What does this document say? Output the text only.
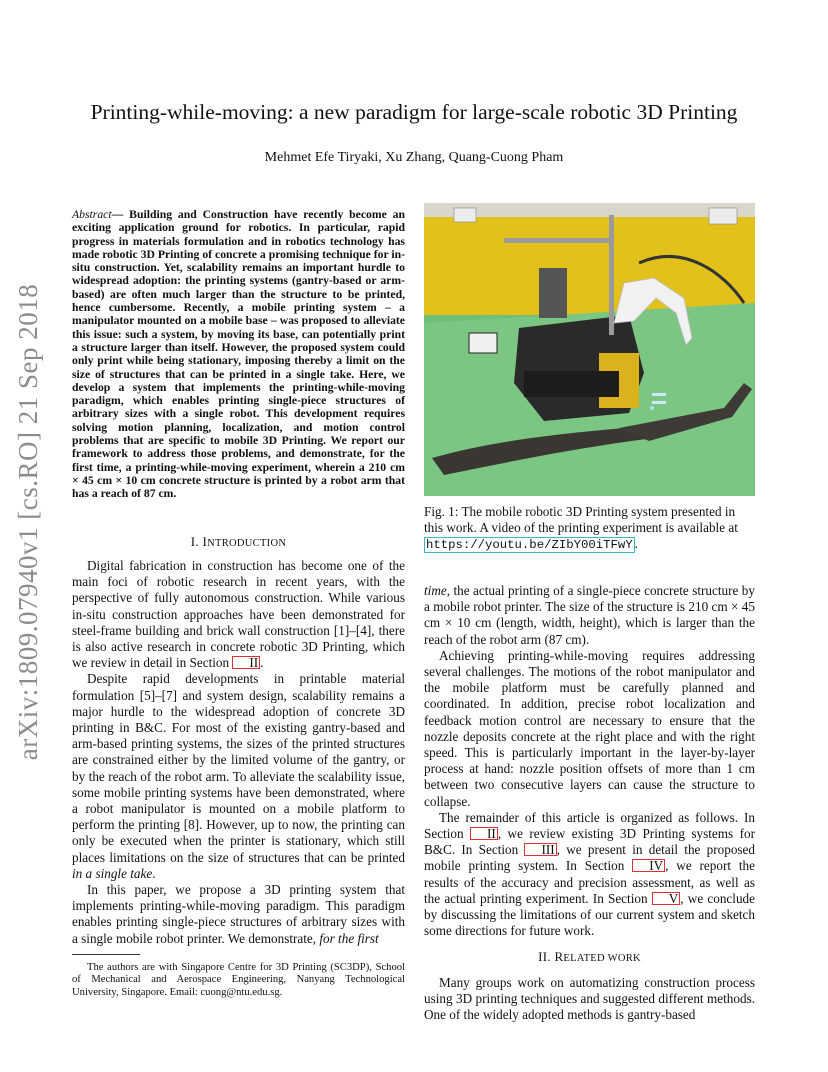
arXiv:1809.07940v1 [cs.RO] 21 Sep 2018
Printing-while-moving: a new paradigm for large-scale robotic 3D Printing
Mehmet Efe Tiryaki, Xu Zhang, Quang-Cuong Pham
Abstract— Building and Construction have recently become an exciting application ground for robotics. In particular, rapid progress in materials formulation and in robotics technology has made robotic 3D Printing of concrete a promising technique for in-situ construction. Yet, scalability remains an important hurdle to widespread adoption: the printing systems (gantry-based or arm-based) are often much larger than the structure to be printed, hence cumbersome. Recently, a mobile printing system – a manipulator mounted on a mobile base – was proposed to alleviate this issue: such a system, by moving its base, can potentially print a structure larger than itself. However, the proposed system could only print while being stationary, imposing thereby a limit on the size of structures that can be printed in a single take. Here, we develop a system that implements the printing-while-moving paradigm, which enables printing single-piece structures of arbitrary sizes with a single robot. This development requires solving motion planning, localization, and motion control problems that are specific to mobile 3D Printing. We report our framework to address those problems, and demonstrate, for the first time, a printing-while-moving experiment, wherein a 210 cm × 45 cm × 10 cm concrete structure is printed by a robot arm that has a reach of 87 cm.
I. INTRODUCTION

Digital fabrication in construction has become one of the main foci of robotic research in recent years, with the perspective of fully autonomous construction. While various in-situ construction approaches have been demonstrated for steel-frame building and brick wall construction [1]–[4], there is also active research in concrete robotic 3D Printing, which we review in detail in Section II .

Despite rapid developments in printable material formulation [5]–[7] and system design, scalability remains a major hurdle to the widespread adoption of concrete 3D printing in B&C. For most of the existing gantry-based and arm-based printing systems, the sizes of the printed structures are constrained either by the limited volume of the gantry, or by the reach of the robot arm. To alleviate the scalability issue, some mobile printing systems have been demonstrated, where a robot manipulator is mounted on a mobile platform to perform the printing [8]. However, up to now, the printing can only be executed when the printer is stationary, which still places limitations on the size of structures that can be printed in a single take.

In this paper, we propose a 3D printing system that implements printing-while-moving paradigm. This paradigm enables printing single-piece structures of arbitrary sizes with a single mobile robot printer. We demonstrate, for the first

The authors are with Singapore Centre for 3D Printing (SC3DP), School of Mechanical and Aerospace Engineering, Nanyang Technological University, Singapore. Email: cuong@ntu.edu.sg.

Fig. 1: The mobile robotic 3D Printing system presented in this work. A video of the printing experiment is available at https://youtu.be/ZIbY00iTFwY .

time, the actual printing of a single-piece concrete structure by a mobile robot printer. The size of the structure is 210 cm × 45 cm × 10 cm (length, width, height), which is larger than the reach of the robot arm (87 cm).

Achieving printing-while-moving requires addressing several challenges. The motions of the robot manipulator and the mobile platform must be carefully planned and coordinated. In addition, precise robot localization and feedback motion control are necessary to ensure that the nozzle deposits concrete at the right place and with the right speed. This is particularly important in the layer-by-layer process at hand: nozzle position offsets of more than 1 cm between two consecutive layers can cause the structure to collapse.

The remainder of this article is organized as follows. In Section II , we review existing 3D Printing systems for B&C. In Section III , we present in detail the proposed mobile printing system. In Section IV , we report the results of the accuracy and precision assessment, as well as the actual printing experiment. In Section V , we conclude by discussing the limitations of our current system and sketch some directions for future work.

II. RELATED WORK

Many groups work on automatizing construction process using 3D printing techniques and suggested different methods. One of the widely adopted methods is gantry-based
